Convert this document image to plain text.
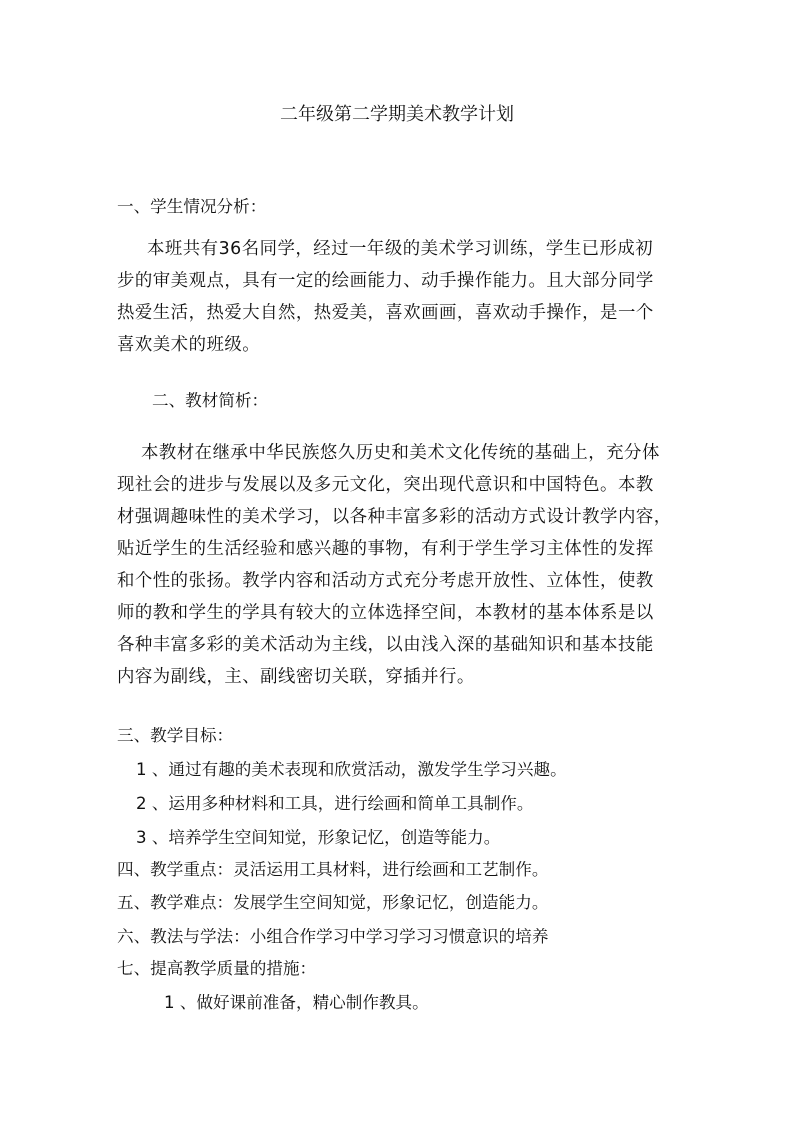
二年级第二学期美术教学计划
一、学生情况分析：
本班共有36名同学，经过一年级的美术学习训练，学生已形成初
步的审美观点，具有一定的绘画能力、动手操作能力。且大部分同学
热爱生活，热爱大自然，热爱美，喜欢画画，喜欢动手操作，是一个
喜欢美术的班级。
二、教材简析：
本教材在继承中华民族悠久历史和美术文化传统的基础上，充分体
现社会的进步与发展以及多元文化，突出现代意识和中国特色。本教
材强调趣味性的美术学习，以各种丰富多彩的活动方式设计教学内容，
贴近学生的生活经验和感兴趣的事物，有利于学生学习主体性的发挥
和个性的张扬。教学内容和活动方式充分考虑开放性、立体性，使教
师的教和学生的学具有较大的立体选择空间，本教材的基本体系是以
各种丰富多彩的美术活动为主线，以由浅入深的基础知识和基本技能
内容为副线，主、副线密切关联，穿插并行。
三、教学目标：
1 、通过有趣的美术表现和欣赏活动，激发学生学习兴趣。
2 、运用多种材料和工具，进行绘画和简单工具制作。
3 、培养学生空间知觉，形象记忆，创造等能力。
四、教学重点：灵活运用工具材料，进行绘画和工艺制作。
五、教学难点：发展学生空间知觉，形象记忆，创造能力。
六、教法与学法：小组合作学习中学习学习习惯意识的培养
七、提高教学质量的措施：
1 、做好课前准备，精心制作教具。
